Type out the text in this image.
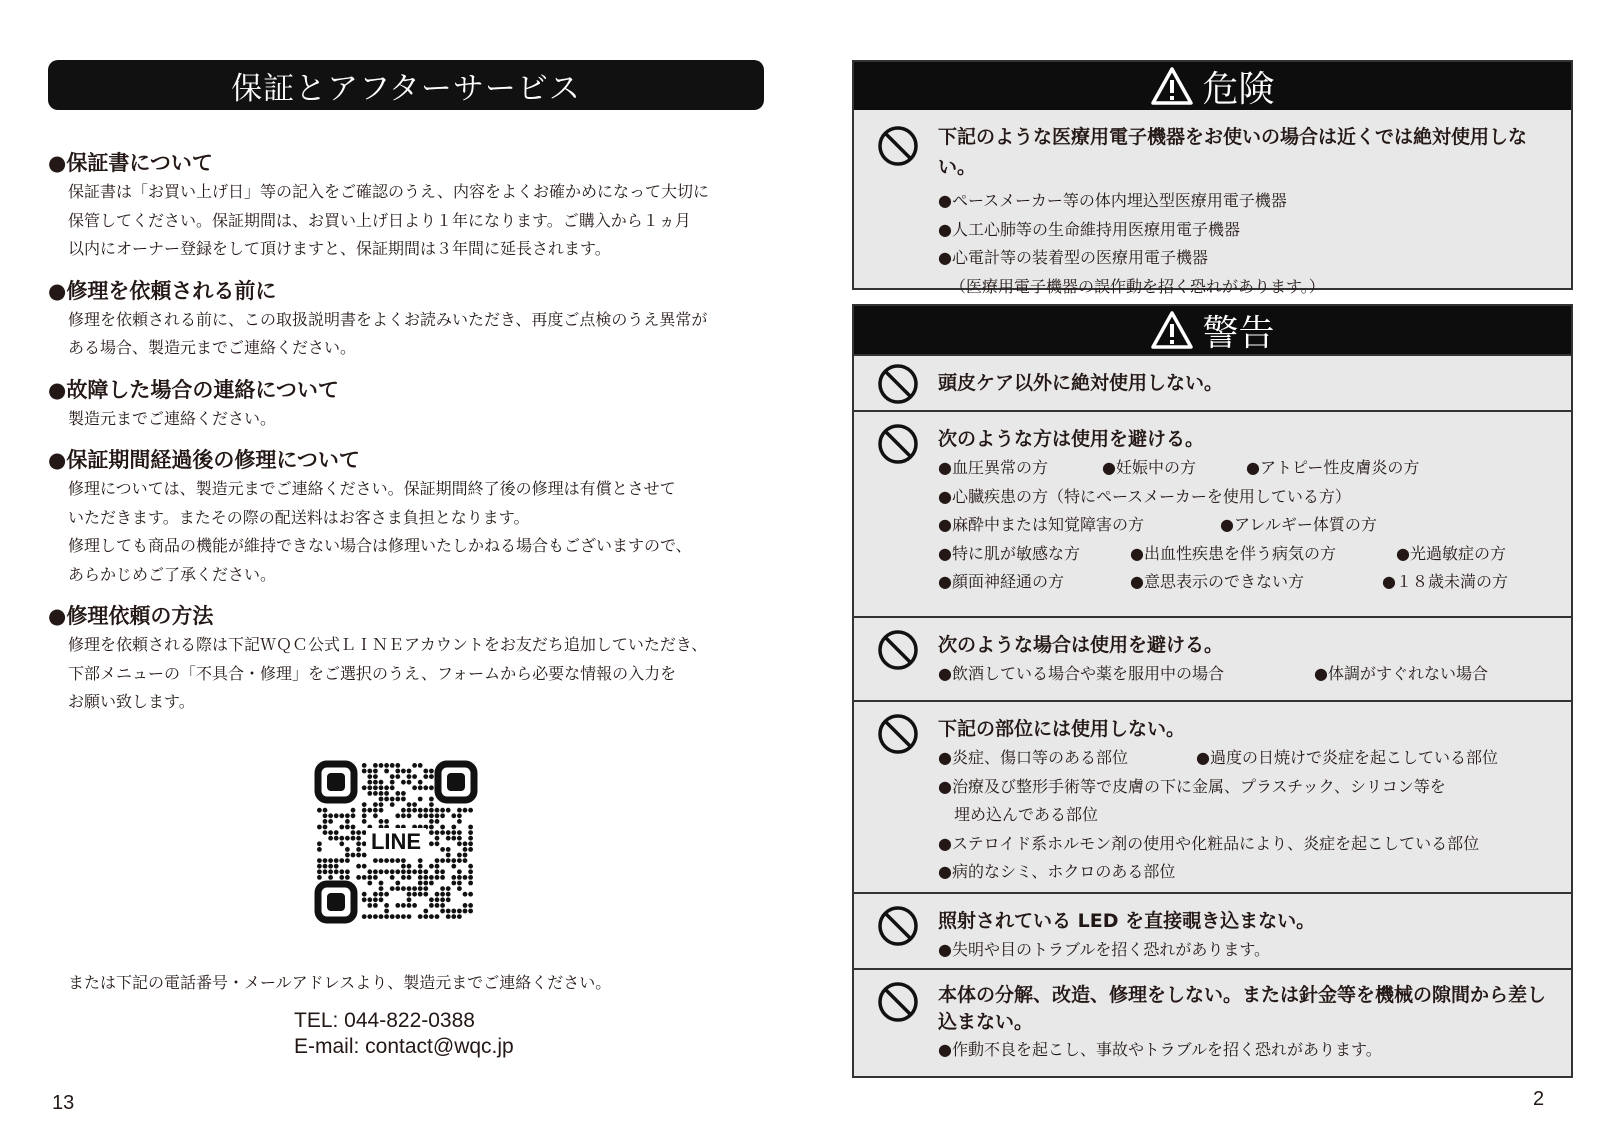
保証とアフターサービス

●保証書について

保証書は「お買い上げ日」等の記入をご確認のうえ、内容をよくお確かめになって大切に

保管してください。保証期間は、お買い上げ日より１年になります。ご購入から１ヵ月

以内にオーナー登録をして頂けますと、保証期間は３年間に延長されます。

●修理を依頼される前に

修理を依頼される前に、この取扱説明書をよくお読みいただき、再度ご点検のうえ異常が

ある場合、製造元までご連絡ください。

●故障した場合の連絡について

製造元までご連絡ください。

●保証期間経過後の修理について

修理については、製造元までご連絡ください。保証期間終了後の修理は有償とさせて

いただきます。またその際の配送料はお客さま負担となります。

修理しても商品の機能が維持できない場合は修理いたしかねる場合もございますので、

あらかじめご了承ください。

●修理依頼の方法

修理を依頼される際は下記ＷＱＣ公式ＬＩＮＥアカウントをお友だち追加していただき、

下部メニューの「不具合・修理」をご選択のうえ、フォームから必要な情報の入力を

お願い致します。

LINE
または下記の電話番号・メールアドレスより、製造元までご連絡ください。
TEL: 044-822-0388
E-mail: contact@wqc.jp
13
危険

下記のような医療用電子機器をお使いの場合は近くでは絶対使用しない。

●ペースメーカー等の体内埋込型医療用電子機器

●人工心肺等の生命維持用医療用電子機器

●心電計等の装着型の医療用電子機器

（医療用電子機器の誤作動を招く恐れがあります。）

警告

頭皮ケア以外に絶対使用しない。

次のような方は使用を避ける。

●血圧異常の方	●妊娠中の方	●アトピー性皮膚炎の方

●心臓疾患の方（特にペースメーカーを使用している方）

●麻酔中または知覚障害の方	●アレルギー体質の方

●特に肌が敏感な方	●出血性疾患を伴う病気の方	●光過敏症の方

●顔面神経通の方	●意思表示のできない方	●１８歳未満の方

次のような場合は使用を避ける。

●飲酒している場合や薬を服用中の場合	●体調がすぐれない場合

下記の部位には使用しない。

●炎症、傷口等のある部位	●過度の日焼けで炎症を起こしている部位

●治療及び整形手術等で皮膚の下に金属、プラスチック、シリコン等を

　埋め込んである部位

●ステロイド系ホルモン剤の使用や化粧品により、炎症を起こしている部位

●病的なシミ、ホクロのある部位

照射されている LED を直接覗き込まない。

●失明や目のトラブルを招く恐れがあります。

本体の分解、改造、修理をしない。または針金等を機械の隙間から差し込まない。

●作動不良を起こし、事故やトラブルを招く恐れがあります。

2
